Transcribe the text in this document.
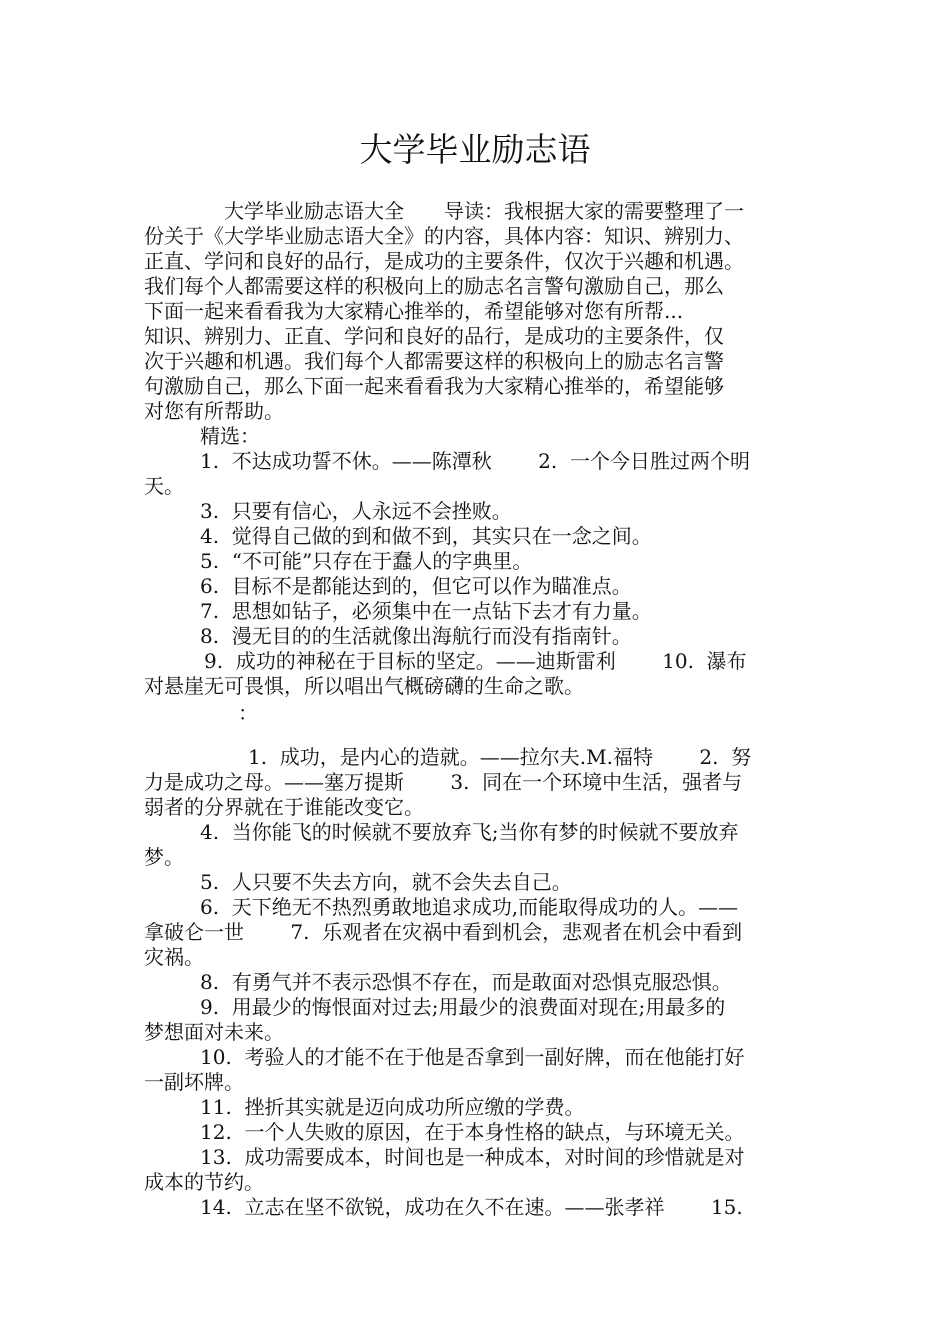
大学毕业励志语
大学毕业励志语大全　　导读：我根据大家的需要整理了一
份关于《大学毕业励志语大全》的内容，具体内容：知识、辨别力、
正直、学问和良好的品行，是成功的主要条件，仅次于兴趣和机遇。
我们每个人都需要这样的积极向上的励志名言警句激励自己，那么
下面一起来看看我为大家精心推举的，希望能够对您有所帮...
知识、辨别力、正直、学问和良好的品行，是成功的主要条件，仅
次于兴趣和机遇。我们每个人都需要这样的积极向上的励志名言警
句激励自己，那么下面一起来看看我为大家精心推举的，希望能够
对您有所帮助。
精选：
1.  不达成功誓不休。——陈潭秋　　 2.  一个今日胜过两个明
天。
3.  只要有信心，人永远不会挫败。
4.  觉得自己做的到和做不到，其实只在一念之间。
5.  “不可能”只存在于蠢人的字典里。
6.  目标不是都能达到的，但它可以作为瞄准点。
7.  思想如钻子，必须集中在一点钻下去才有力量。
8.  漫无目的的生活就像出海航行而没有指南针。
9.  成功的神秘在于目标的坚定。——迪斯雷利　　 10.  瀑布
对悬崖无可畏惧，所以唱出气概磅礴的生命之歌。
：
1.  成功，是内心的造就。——拉尔夫.M.福特　　 2.  努
力是成功之母。——塞万提斯　　 3.  同在一个环境中生活，强者与
弱者的分界就在于谁能改变它。
4.  当你能飞的时候就不要放弃飞;当你有梦的时候就不要放弃
梦。
5.  人只要不失去方向，就不会失去自己。
6.  天下绝无不热烈勇敢地追求成功,而能取得成功的人。——
拿破仑一世　　 7.  乐观者在灾祸中看到机会，悲观者在机会中看到
灾祸。
8.  有勇气并不表示恐惧不存在，而是敢面对恐惧克服恐惧。
9.  用最少的悔恨面对过去;用最少的浪费面对现在;用最多的
梦想面对未来。
10.  考验人的才能不在于他是否拿到一副好牌，而在他能打好
一副坏牌。
11.  挫折其实就是迈向成功所应缴的学费。
12.  一个人失败的原因，在于本身性格的缺点，与环境无关。
13.  成功需要成本，时间也是一种成本，对时间的珍惜就是对
成本的节约。
14.  立志在坚不欲锐，成功在久不在速。——张孝祥　　 15.
